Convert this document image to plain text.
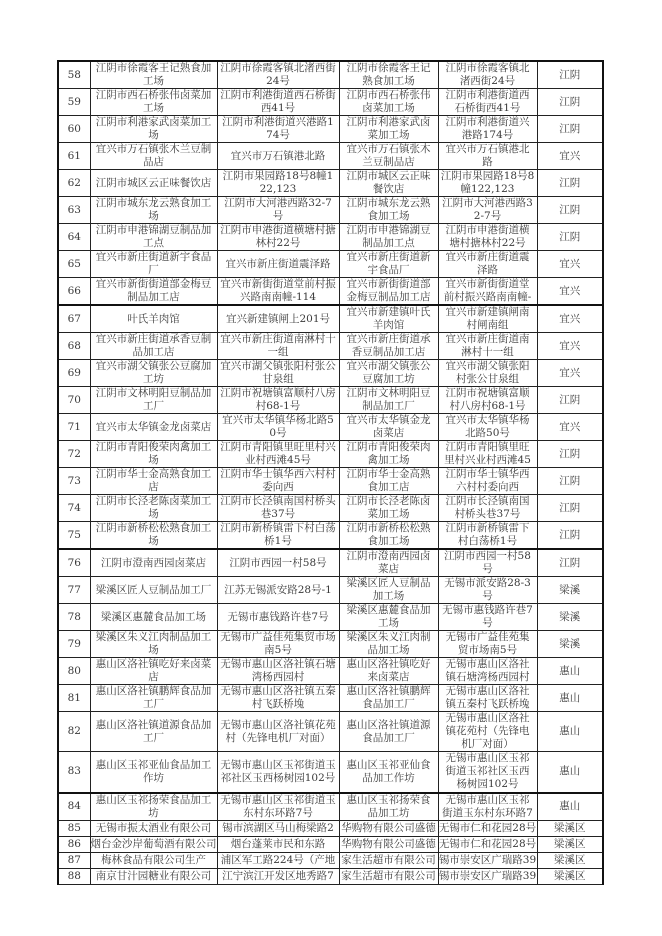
58	江阴市徐霞客王记熟食加工场	江阴市徐霞客镇北渚西街24号	江阴市徐霞客王记熟食加工场	江阴市徐霞客镇北渚西街24号	江阴
59	江阴市西石桥张伟卤菜加工场	江阴市利港街道西石桥街西41号	江阴市西石桥张伟卤菜加工场	江阴市利港街道西石桥街西41号	江阴
60	江阴市利港家武卤菜加工场	江阴市利港街道兴港路174号	江阴市利港家武卤菜加工场	江阴市利港街道兴港路174号	江阴
61	宜兴市万石镇张木兰豆制品店	宜兴市万石镇港北路	宜兴市万石镇张木兰豆制品店	宜兴市万石镇港北路	宜兴
62	江阴市城区云正味餐饮店	江阴市果园路18号8幢122,123	江阴市城区云正味餐饮店	江阴市果园路18号8幢122,123	江阴
63	江阴市城东龙云熟食加工场	江阴市大河港西路32-7号	江阴市城东龙云熟食加工场	江阴市大河港西路32-7号	江阴
64	江阴市申港锦湖豆制品加工点	江阴市申港街道横塘村搪林村22号	江阴市申港锦湖豆制品加工点	江阴市申港街道横塘村搪林村22号	江阴
65	宜兴市新庄街道新宇食品厂	宜兴市新庄街道震泽路	宜兴市新庄街道新宇食品厂	宜兴市新庄街道震泽路	宜兴
66	宜兴市新街街道部金梅豆制品加工店	宜兴市新街街道堂前村振兴路南南幢-114	宜兴市新街街道部金梅豆制品加工店	宜兴市新街街道堂前村振兴路南南幢-	宜兴
67	叶氏羊肉馆	宜兴新建镇闸上201号	宜兴市新建镇叶氏羊肉馆	宜兴市新建镇闸南村闸南组	宜兴
68	宜兴市新庄街道承香豆制品加工店	宜兴市新庄街道南淋村十一组	宜兴市新庄街道承香豆制品加工店	宜兴市新庄街道南淋村十一组	宜兴
69	宜兴市湖父镇张公豆腐加工坊	宜兴市湖父镇张阳村张公甘泉组	宜兴市湖父镇张公豆腐加工坊	宜兴市湖父镇张阳村张公甘泉组	宜兴
70	江阴市文林明阳豆制品加工厂	江阴市祝塘镇富顺村八房村68-1号	江阴市文林明阳豆制品加工厂	江阴市祝塘镇富顺村八房村68-1号	江阴
71	宜兴市太华镇金龙卤菜店	宜兴市太华镇华杨北路50号	宜兴市太华镇金龙卤菜店	宜兴市太华镇华杨北路50号	宜兴
72	江阴市青阳俊荣肉禽加工场	江阴市青阳镇里旺里村兴业村西滩45号	江阴市青阳俊荣肉禽加工场	江阴市青阳镇里旺里村兴业村西滩45	江阴
73	江阴市华士金高熟食加工店	江阴市华士镇华西六村村委向西	江阴市华士金高熟食加工店	江阴市华士镇华西六村村委向西	江阴
74	江阴市长泾老陈卤菜加工场	江阴市长泾镇南国村桥头巷37号	江阴市长泾老陈卤菜加工场	江阴市长泾镇南国村桥头巷37号	江阴
75	江阴市新桥松松熟食加工场	江阴市新桥镇雷下村白荡桥1号	江阴市新桥松松熟食加工场	江阴市新桥镇雷下村白荡桥1号	江阴
76	江阴市澄南西园卤菜店	江阴市西园一村58号	江阴市澄南西园卤菜店	江阴市西园一村58号	江阴
77	梁溪区匠人豆制品加工厂	江苏无锡派安路28号-1	梁溪区匠人豆制品加工场	无锡市派安路28-3号	梁溪
78	梁溪区惠麓食品加工场	无锡市惠钱路许巷7号	梁溪区惠麓食品加工场	无锡市惠钱路许巷7号	梁溪
79	梁溪区朱义江肉制品加工场	无锡市广益佳苑集贸市场南5号	梁溪区朱义江肉制品加工场	无锡市广益佳苑集贸市场南5号	梁溪
80	惠山区洛社镇吃好来卤菜店	无锡市惠山区洛社镇石塘湾杨西园村	惠山区洛社镇吃好来卤菜店	无锡市惠山区洛社镇石塘湾杨西园村	惠山
81	惠山区洛社镇鹏辉食品加工厂	无锡市惠山区洛社镇五秦村飞跃桥堍	惠山区洛社镇鹏辉食品加工厂	无锡市惠山区洛社镇五秦村飞跃桥堍	惠山
82	惠山区洛社镇道源食品加工厂	无锡市惠山区洛社镇花苑村（先锋电机厂对面）	惠山区洛社镇道源食品加工厂	无锡市惠山区洛社镇花苑村（先锋电机厂对面）	惠山
83	惠山区玉祁亚仙食品加工作坊	无锡市惠山区玉祁街道玉祁社区玉西杨树园102号	惠山区玉祁亚仙食品加工作坊	无锡市惠山区玉祁街道玉祁社区玉西杨树园102号	惠山
84	惠山区玉祁扬荣食品加工坊	无锡市惠山区玉祁街道玉东村东环路7号	惠山区玉祁扬荣食品加工坊	无锡市惠山区玉祁街道玉东村东环路7	惠山

85	无锡市振太酒业有限公司	锡市滨湖区马山梅梁路2	华购物有限公司盛德	无锡市仁和花园28号	梁溪区

86	烟台金沙岸葡萄酒有限公司	烟台蓬莱市民和东路	华购物有限公司盛德	无锡市仁和花园28号	梁溪区

87	梅林食品有限公司生产	浦区军工路224号（产地	家生活超市有限公司	锡市崇安区广瑞路39	梁溪区

88	南京甘汁园糖业有限公司	江宁滨江开发区地秀路7	家生活超市有限公司	锡市崇安区广瑞路39	梁溪区
